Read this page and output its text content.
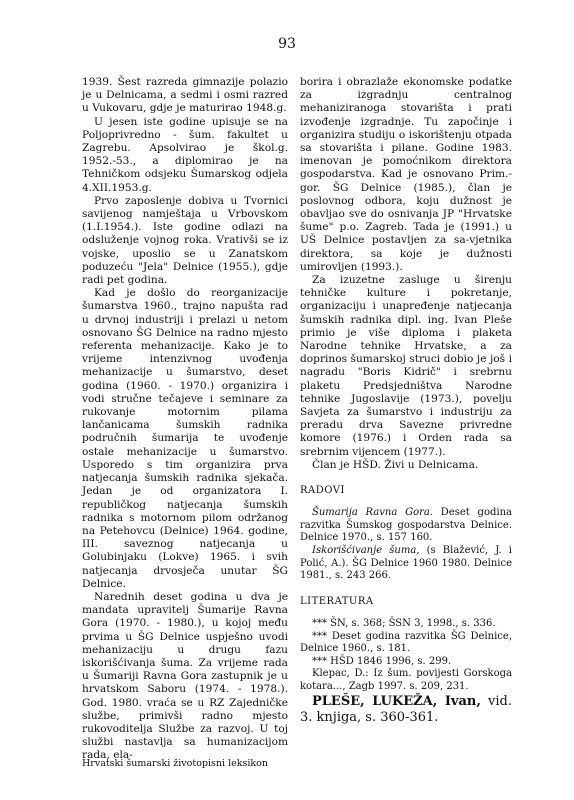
93

1939. Šest razreda gimnazije polazio je u Delnicama, a sedmi i osmi razred u Vukovaru, gdje je maturirao 1948.g.

U jesen iste godine upisuje se na Poljoprivredno - šum. fakultet u Zagrebu. Apsolvirao je škol.g. 1952.-53., a diplomirao je na Tehničkom odsjeku Šumarskog odjela 4.XII.1953.g.

Prvo zaposlenje dobiva u Tvornici savijenog namještaja u Vrbovskom (1.I.1954.). Iste godine odlazi na odsluženje vojnog roka. Vrativši se iz vojske, uposlio se u Zanatskom poduzeću "Jela" Delnice (1955.), gdje radi pet godina.

Kad je došlo do reorganizacije šumarstva 1960., trajno napušta rad u drvnoj industriji i prelazi u netom osnovano ŠG Delnice na radno mjesto referenta mehanizacije. Kako je to vrijeme intenzivnog uvođenja mehanizacije u šumarstvo, deset godina (1960. - 1970.) organizira i vodi stručne tečajeve i seminare za rukovanje motornim pilama lančanicama šumskih radnika područnih šumarija te uvođenje ostale mehanizacije u šumarstvo. Usporedo s tim organizira prva natjecanja šumskih radnika sjekača. Jedan je od organizatora I. republičkog natjecanja šumskih radnika s motornom pilom održanog na Petehovcu (Delnice) 1964. godine, III. saveznog natjecanja u Golubinjaku (Lokve) 1965. i svih natjecanja drvosječa unutar ŠG Delnice.

Narednih deset godina u dva je mandata upravitelj Šumarije Ravna Gora (1970. - 1980.), u kojoj među prvima u ŠG Delnice uspješno uvodi mehanizaciju u drugu fazu iskorišćivanja šuma. Za vrijeme rada u Šumariji Ravna Gora zastupnik je u hrvatskom Saboru (1974. - 1978.). God. 1980. vraća se u RZ Zajedničke službe, primivši radno mjesto rukovoditelja Službe za razvoj. U toj službi nastavlja sa humanizacijom rada, ela-

borira i obrazlaže ekonomske podatke za izgradnju centralnog mehaniziranoga stovarišta i prati izvođenje izgradnje. Tu započinje i organizira studiju o iskorištenju otpada sa stovarišta i pilane. Godine 1983. imenovan je pomoćnikom direktora gospodarstva. Kad je osnovano Prim.-gor. ŠG Delnice (1985.), član je poslovnog odbora, koju dužnost je obavljao sve do osnivanja JP "Hrvatske šume" p.o. Zagreb. Tada je (1991.) u UŠ Delnice postavljen za sa-vjetnika direktora, sa koje je dužnosti umirovljen (1993.).

Za izuzetne zasluge u širenju tehničke kulture i pokretanje, organizaciju i unapređenje natjecanja šumskih radnika dipl. ing. Ivan Pleše primio je više diploma i plaketa Narodne tehnike Hrvatske, a za doprinos šumarskoj struci dobio je još i nagradu "Boris Kidrič" i srebrnu plaketu Predsjedništva Narodne tehnike Jugoslavije (1973.), povelju Savjeta za šumarstvo i industriju za preradu drva Savezne privredne komore (1976.) i Orden rada sa srebrnim vijencem (1977.).

Član je HŠD. Živi u Delnicama.

RADOVI

Šumarija Ravna Gora. Deset godina razvitka Šumskog gospodarstva Delnice. Delnice 1970., s. 157 160.

Iskorišćivanje šuma, (s Blažević, J. i Polić, A.). ŠG Delnice 1960 1980. Delnice 1981., s. 243 266.

LITERATURA

*** ŠN, s. 368; ŠSN 3, 1998., s. 336.

*** Deset godina razvitka ŠG Delnice, Delnice 1960., s. 181.

*** HŠD 1846 1996, s. 299.

Klepac, D.: Iz šum. povijesti Gorskoga kotara..., Zagb 1997. s. 209, 231.

PLEŠE, LUKEŽA, Ivan, vid. 3. knjiga, s. 360-361.

Hrvatski šumarski životopisni leksikon
